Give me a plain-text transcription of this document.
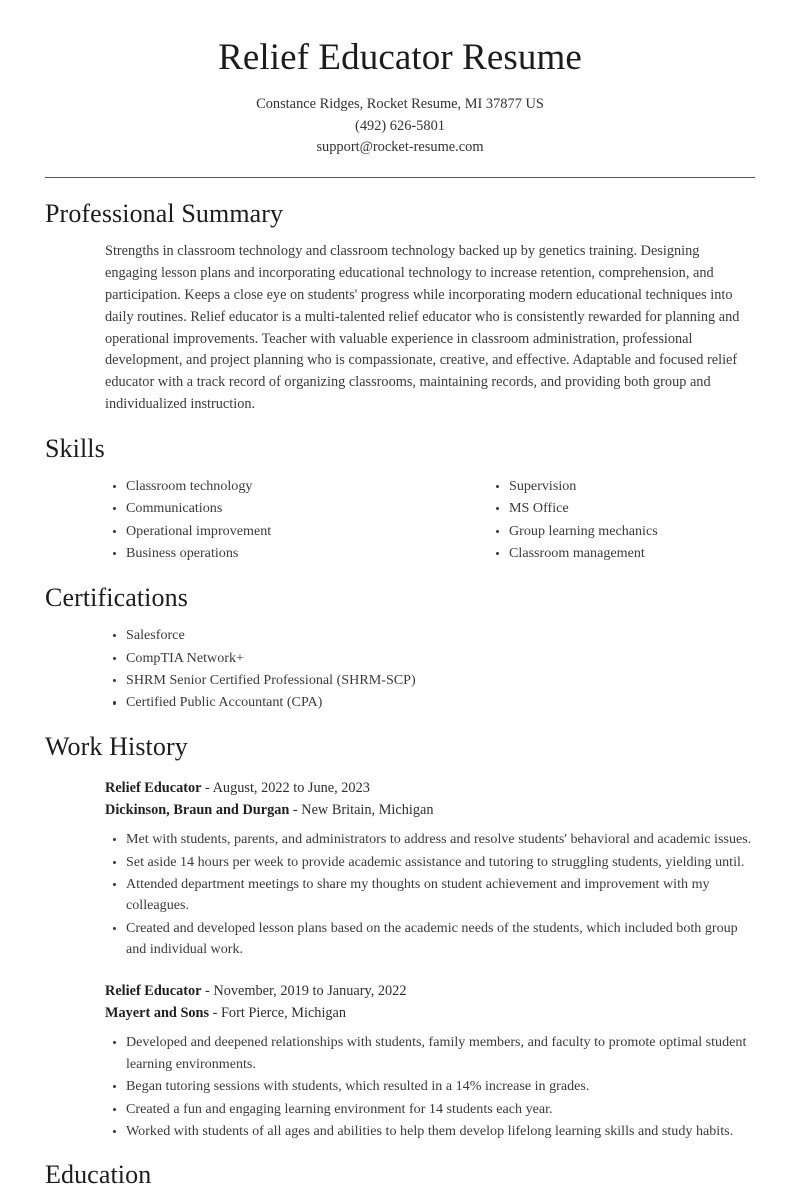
Relief Educator Resume
Constance Ridges, Rocket Resume, MI 37877 US
(492) 626-5801
support@rocket-resume.com
Professional Summary

Strengths in classroom technology and classroom technology backed up by genetics training. Designing engaging lesson plans and incorporating educational technology to increase retention, comprehension, and participation. Keeps a close eye on students' progress while incorporating modern educational techniques into daily routines. Relief educator is a multi-talented relief educator who is consistently rewarded for planning and operational improvements. Teacher with valuable experience in classroom administration, professional development, and project planning who is compassionate, creative, and effective. Adaptable and focused relief educator with a track record of organizing classrooms, maintaining records, and providing both group and individualized instruction.

Skills
Classroom technology
Communications
Operational improvement
Business operations
Supervision
MS Office
Group learning mechanics
Classroom management
Certifications
Salesforce
CompTIA Network+
SHRM Senior Certified Professional (SHRM-SCP)
Certified Public Accountant (CPA)
Work History
Relief Educator - August, 2022 to June, 2023
Dickinson, Braun and Durgan - New Britain, Michigan
Met with students, parents, and administrators to address and resolve students' behavioral and academic issues.
Set aside 14 hours per week to provide academic assistance and tutoring to struggling students, yielding until.
Attended department meetings to share my thoughts on student achievement and improvement with my colleagues.
Created and developed lesson plans based on the academic needs of the students, which included both group and individual work.
Relief Educator - November, 2019 to January, 2022
Mayert and Sons - Fort Pierce, Michigan
Developed and deepened relationships with students, family members, and faculty to promote optimal student learning environments.
Began tutoring sessions with students, which resulted in a 14% increase in grades.
Created a fun and engaging learning environment for 14 students each year.
Worked with students of all ages and abilities to help them develop lifelong learning skills and study habits.
Education
